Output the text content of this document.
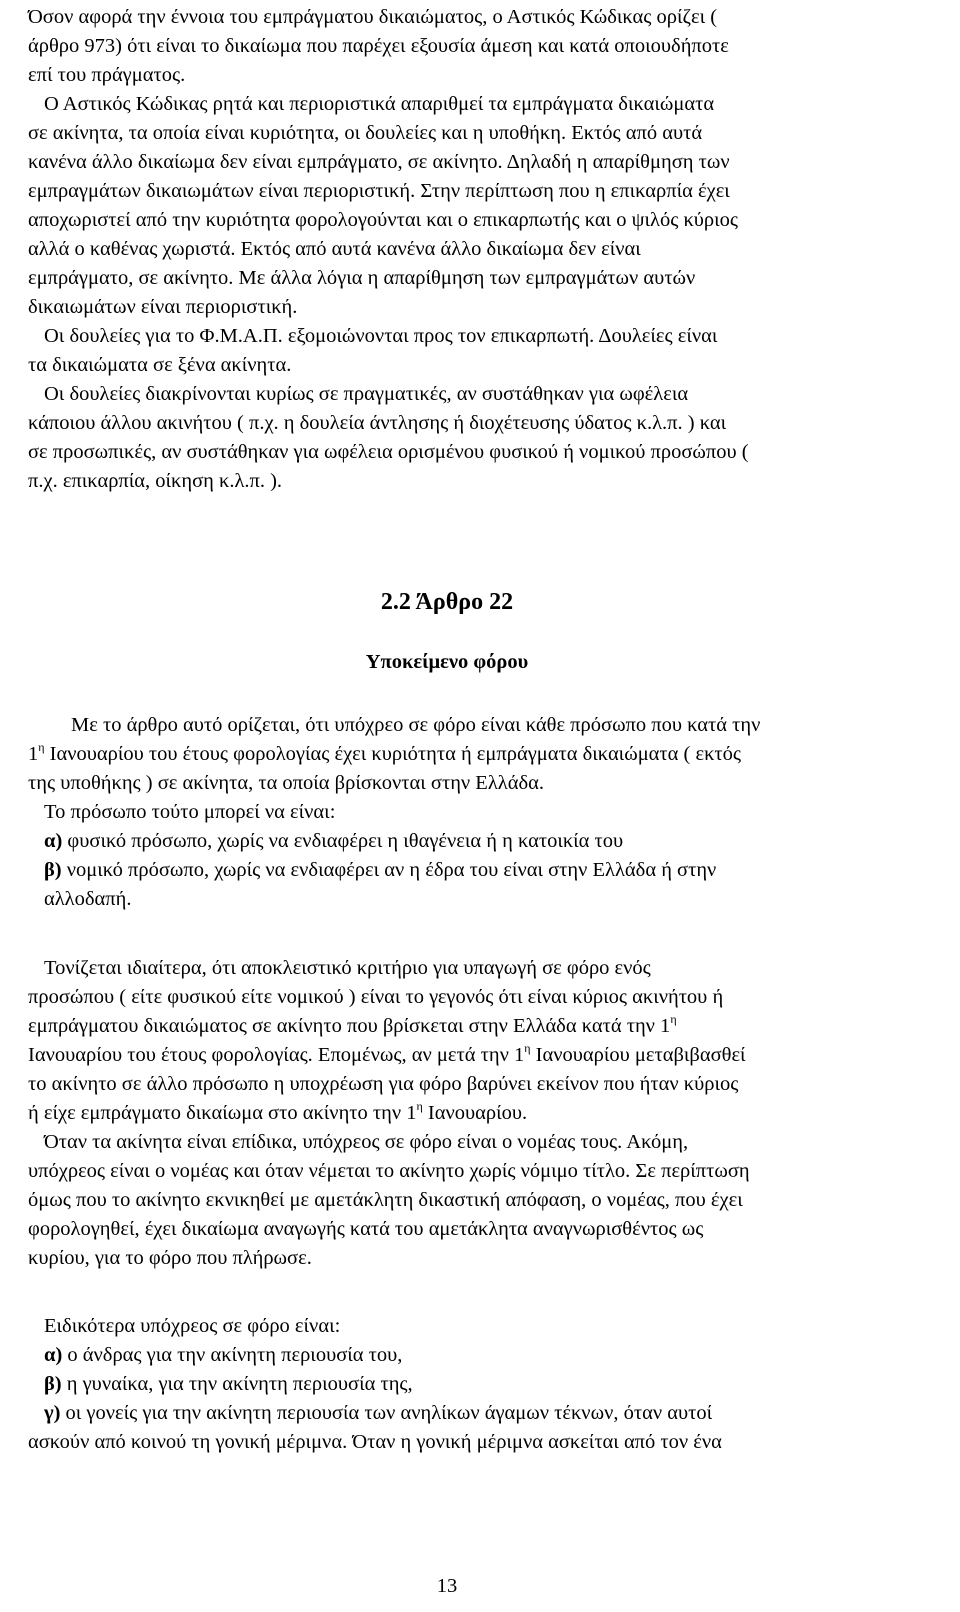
Όσον αφορά την έννοια του εμπράγματου δικαιώματος, ο Αστικός Κώδικας ορίζει (
άρθρο 973) ότι είναι το δικαίωμα που παρέχει εξουσία άμεση και κατά οποιουδήποτε
επί του πράγματος.
Ο Αστικός Κώδικας ρητά και περιοριστικά απαριθμεί τα εμπράγματα δικαιώματα
σε ακίνητα, τα οποία είναι κυριότητα, οι δουλείες και η υποθήκη. Εκτός από αυτά
κανένα άλλο δικαίωμα δεν είναι εμπράγματο, σε ακίνητο. Δηλαδή η απαρίθμηση των
εμπραγμάτων δικαιωμάτων είναι περιοριστική. Στην περίπτωση που η επικαρπία έχει
αποχωριστεί από την κυριότητα φορολογούνται και ο επικαρπωτής και ο ψιλός κύριος
αλλά ο καθένας χωριστά. Εκτός από αυτά κανένα άλλο δικαίωμα δεν είναι
εμπράγματο, σε ακίνητο. Με άλλα λόγια η απαρίθμηση των εμπραγμάτων αυτών
δικαιωμάτων είναι περιοριστική.
Οι δουλείες για το Φ.Μ.Α.Π. εξομοιώνονται προς τον επικαρπωτή. Δουλείες είναι
τα δικαιώματα σε ξένα ακίνητα.
Οι δουλείες διακρίνονται κυρίως σε πραγματικές, αν συστάθηκαν για ωφέλεια
κάποιου άλλου ακινήτου ( π.χ. η δουλεία άντλησης ή διοχέτευσης ύδατος κ.λ.π. ) και
σε προσωπικές, αν συστάθηκαν για ωφέλεια ορισμένου φυσικού ή νομικού προσώπου (
π.χ. επικαρπία, οίκηση κ.λ.π. ).
2.2 Άρθρο 22
Υποκείμενο φόρου
Με το άρθρο αυτό ορίζεται, ότι υπόχρεο σε φόρο είναι κάθε πρόσωπο που κατά την
$1^\eta$ Ιανουαρίου του έτους φορολογίας έχει κυριότητα ή εμπράγματα δικαιώματα ( εκτός
της υποθήκης ) σε ακίνητα, τα οποία βρίσκονται στην Ελλάδα.
Το πρόσωπο τούτο μπορεί να είναι:
α) φυσικό πρόσωπο, χωρίς να ενδιαφέρει η ιθαγένεια ή η κατοικία του
β) νομικό πρόσωπο, χωρίς να ενδιαφέρει αν η έδρα του είναι στην Ελλάδα ή στην
αλλοδαπή.
Τονίζεται ιδιαίτερα, ότι αποκλειστικό κριτήριο για υπαγωγή σε φόρο ενός
προσώπου ( είτε φυσικού είτε νομικού ) είναι το γεγονός ότι είναι κύριος ακινήτου ή
εμπράγματου δικαιώματος σε ακίνητο που βρίσκεται στην Ελλάδα κατά την $1^\eta$
Ιανουαρίου του έτους φορολογίας. Επομένως, αν μετά την $1^\eta$ Ιανουαρίου μεταβιβασθεί
το ακίνητο σε άλλο πρόσωπο η υποχρέωση για φόρο βαρύνει εκείνον που ήταν κύριος
ή είχε εμπράγματο δικαίωμα στο ακίνητο την $1^\eta$ Ιανουαρίου.
Όταν τα ακίνητα είναι επίδικα, υπόχρεος σε φόρο είναι ο νομέας τους. Ακόμη,
υπόχρεος είναι ο νομέας και όταν νέμεται το ακίνητο χωρίς νόμιμο τίτλο. Σε περίπτωση
όμως που το ακίνητο εκνικηθεί με αμετάκλητη δικαστική απόφαση, ο νομέας, που έχει
φορολογηθεί, έχει δικαίωμα αναγωγής κατά του αμετάκλητα αναγνωρισθέντος ως
κυρίου, για το φόρο που πλήρωσε.
Ειδικότερα υπόχρεος σε φόρο είναι:
α) ο άνδρας για την ακίνητη περιουσία του,
β) η γυναίκα, για την ακίνητη περιουσία της,
γ) οι γονείς για την ακίνητη περιουσία των ανηλίκων άγαμων τέκνων, όταν αυτοί
ασκούν από κοινού τη γονική μέριμνα. Όταν η γονική μέριμνα ασκείται από τον ένα
13
